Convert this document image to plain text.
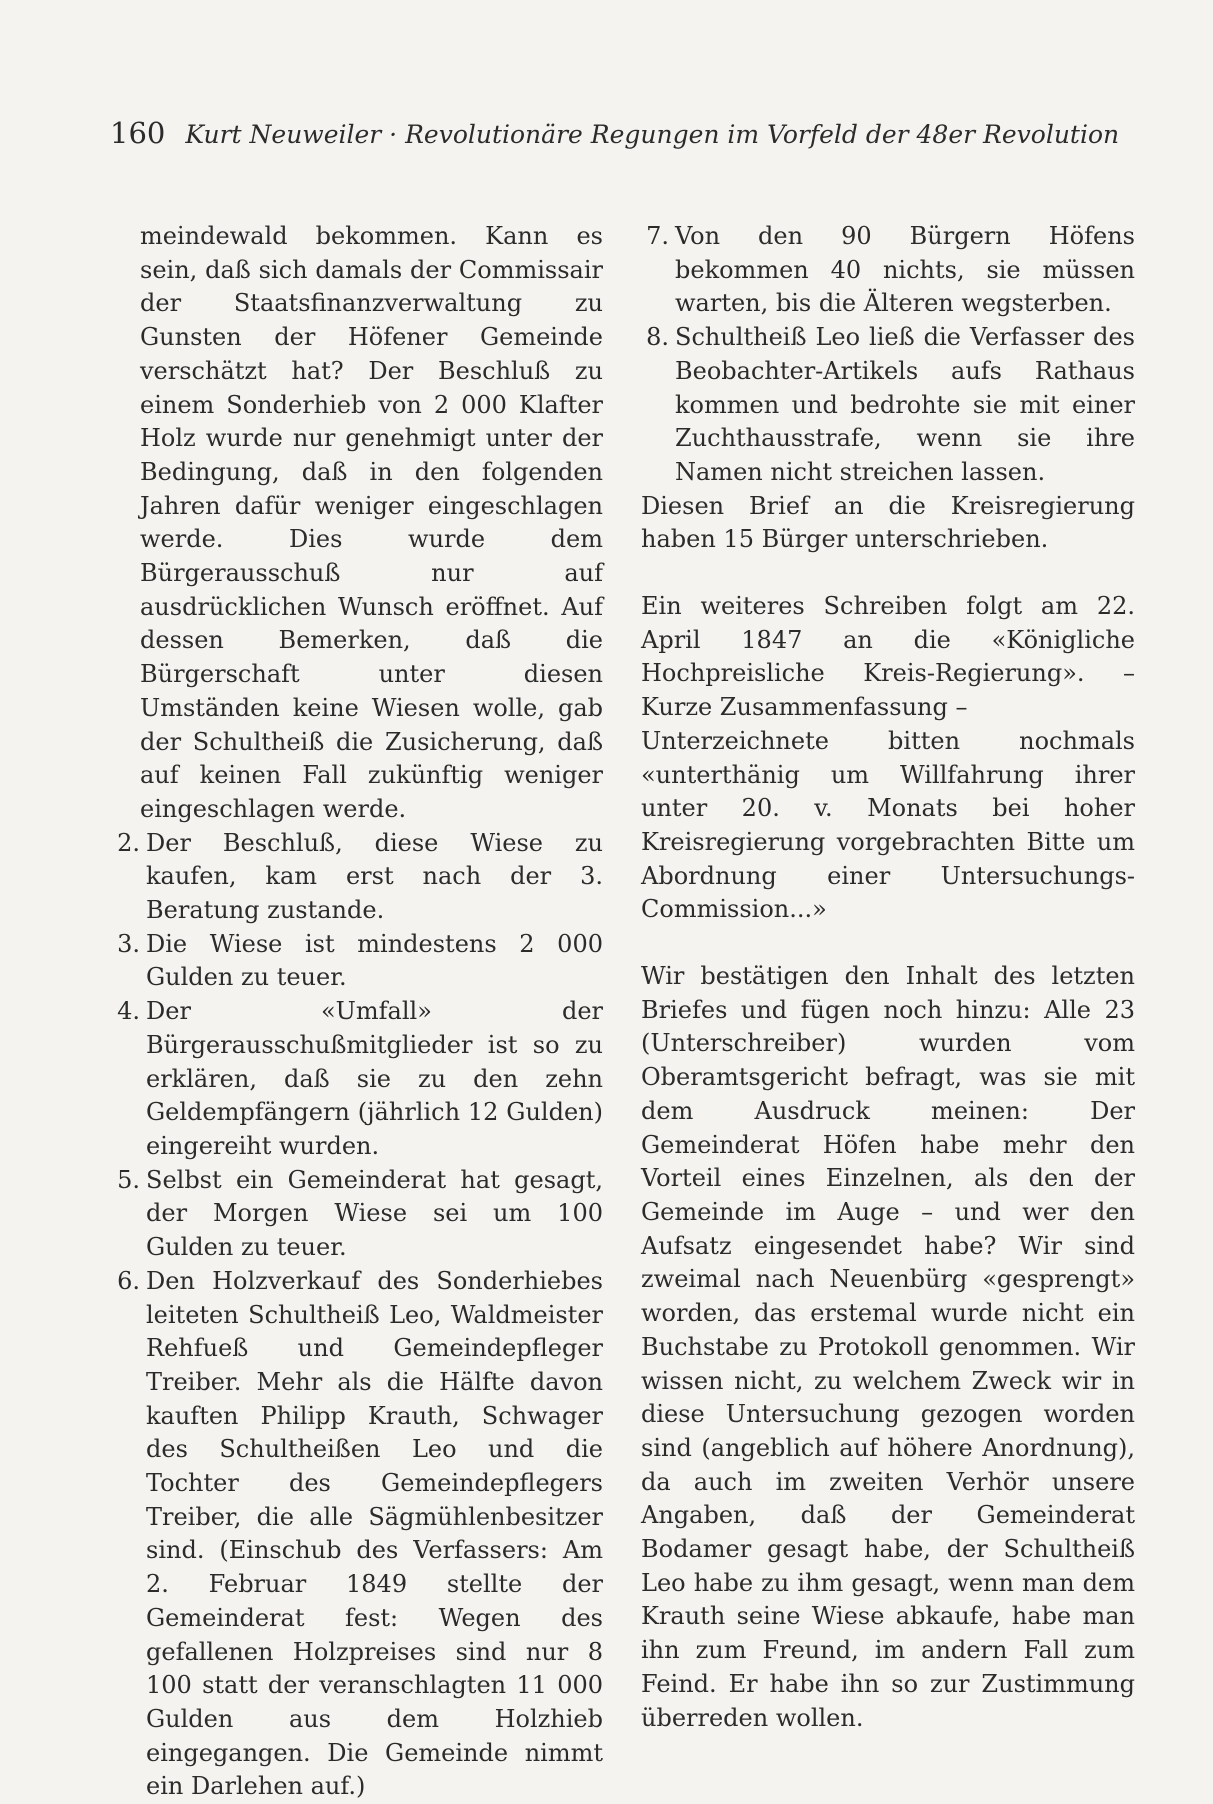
160 Kurt Neuweiler · Revolutionäre Regungen im Vorfeld der 48er Revolution

meindewald bekommen. Kann es sein, daß sich damals der Commissair der Staatsfinanzverwaltung zu Gunsten der Höfener Gemeinde verschätzt hat? Der Beschluß zu einem Sonderhieb von 2 000 Klafter Holz wurde nur genehmigt unter der Bedingung, daß in den folgenden Jahren dafür weniger eingeschlagen werde. Dies wurde dem Bürgerausschuß nur auf ausdrücklichen Wunsch eröffnet. Auf dessen Bemerken, daß die Bürgerschaft unter diesen Umständen keine Wiesen wolle, gab der Schultheiß die Zusicherung, daß auf keinen Fall zukünftig weniger eingeschlagen werde.

2. Der Beschluß, diese Wiese zu kaufen, kam erst nach der 3. Beratung zustande.
3. Die Wiese ist mindestens 2 000 Gulden zu teuer.
4. Der «Umfall» der Bürgerausschußmitglieder ist so zu erklären, daß sie zu den zehn Geldempfängern (jährlich 12 Gulden) eingereiht wurden.
5. Selbst ein Gemeinderat hat gesagt, der Morgen Wiese sei um 100 Gulden zu teuer.
6. Den Holzverkauf des Sonderhiebes leiteten Schultheiß Leo, Waldmeister Rehfueß und Gemeindepfleger Treiber. Mehr als die Hälfte davon kauften Philipp Krauth, Schwager des Schultheißen Leo und die Tochter des Gemeindepflegers Treiber, die alle Sägmühlenbesitzer sind. (Einschub des Verfassers: Am 2. Februar 1849 stellte der Gemeinderat fest: Wegen des gefallenen Holzpreises sind nur 8 100 statt der veranschlagten 11 000 Gulden aus dem Holzhieb eingegangen. Die Gemeinde nimmt ein Darlehen auf.)
7. Von den 90 Bürgern Höfens bekommen 40 nichts, sie müssen warten, bis die Älteren wegsterben.
8. Schultheiß Leo ließ die Verfasser des Beobachter-Artikels aufs Rathaus kommen und bedrohte sie mit einer Zuchthausstrafe, wenn sie ihre Namen nicht streichen lassen.

Diesen Brief an die Kreisregierung haben 15 Bürger unterschrieben.

Ein weiteres Schreiben folgt am 22. April 1847 an die «Königliche Hochpreisliche Kreis-Regierung». – Kurze Zusammenfassung –

Unterzeichnete bitten nochmals «unterthänig um Willfahrung ihrer unter 20. v. Monats bei hoher Kreisregierung vorgebrachten Bitte um Abordnung einer Untersuchungs-Commission...»

Wir bestätigen den Inhalt des letzten Briefes und fügen noch hinzu: Alle 23 (Unterschreiber) wurden vom Oberamtsgericht befragt, was sie mit dem Ausdruck meinen: Der Gemeinderat Höfen habe mehr den Vorteil eines Einzelnen, als den der Gemeinde im Auge – und wer den Aufsatz eingesendet habe? Wir sind zweimal nach Neuenbürg «gesprengt» worden, das erstemal wurde nicht ein Buchstabe zu Protokoll genommen. Wir wissen nicht, zu welchem Zweck wir in diese Untersuchung gezogen worden sind (angeblich auf höhere Anordnung), da auch im zweiten Verhör unsere Angaben, daß der Gemeinderat Bodamer gesagt habe, der Schultheiß Leo habe zu ihm gesagt, wenn man dem Krauth seine Wiese abkaufe, habe man ihn zum Freund, im andern Fall zum Feind. Er habe ihn so zur Zustimmung überreden wollen.
